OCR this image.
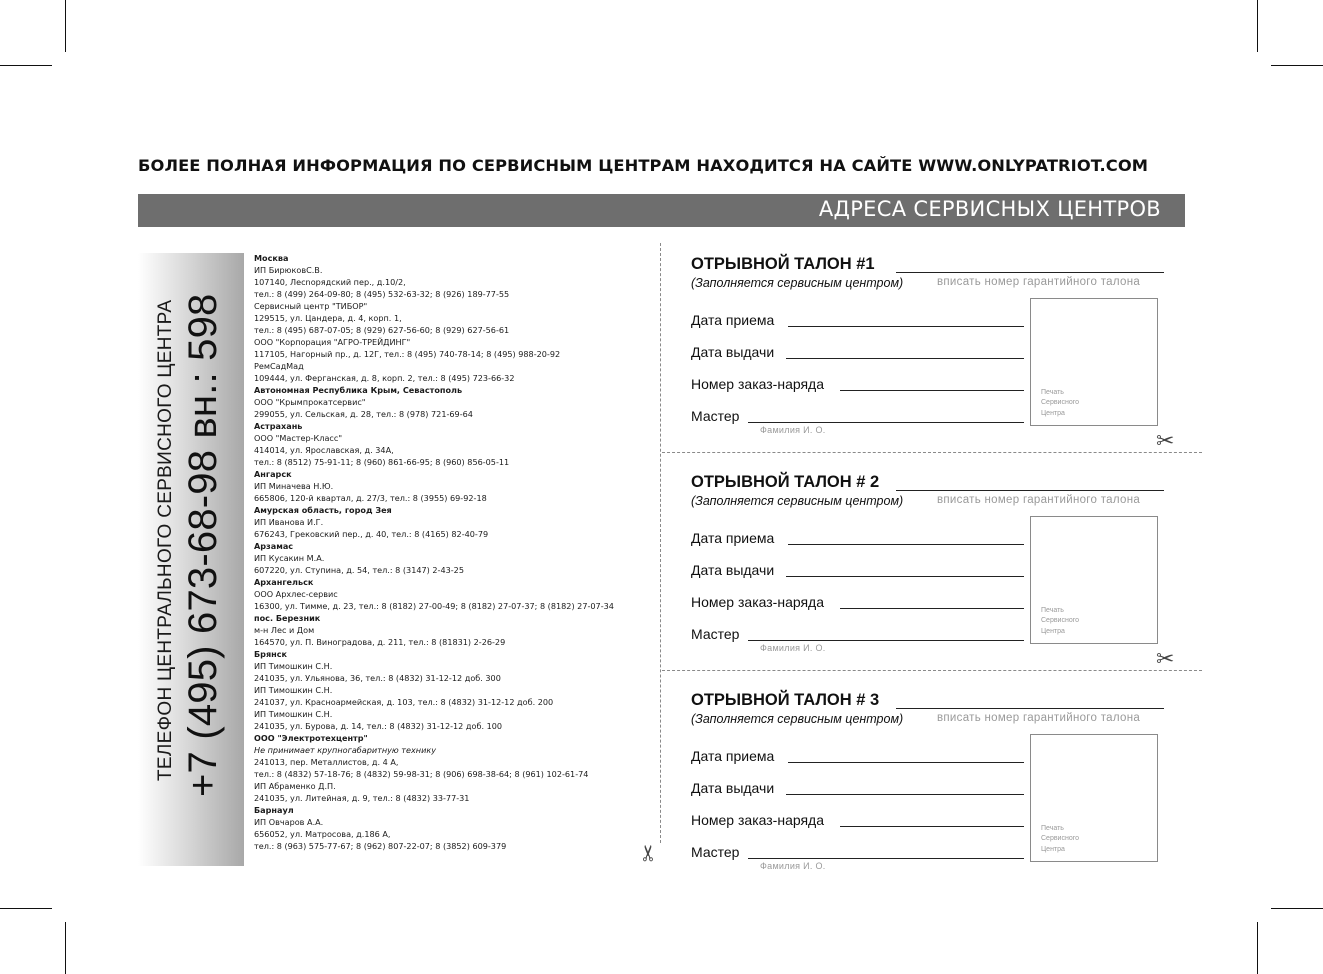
БОЛЕЕ ПОЛНАЯ ИНФОРМАЦИЯ ПО СЕРВИСНЫМ ЦЕНТРАМ НАХОДИТСЯ НА САЙТЕ WWW.ONLYPATRIOT.COM
АДРЕСА СЕРВИСНЫХ ЦЕНТРОВ
ТЕЛЕФОН ЦЕНТРАЛЬНОГО СЕРВИСНОГО ЦЕНТРА +7 (495) 673-68-98 вн.: 598
Москва
ИП БирюковС.В.
107140, Лесnорядский пер., д.10/2,
тел.: 8 (499) 264-09-80; 8 (495) 532-63-32; 8 (926) 189-77-55
Сервисный центр "ТИБОР"
129515, ул. Цандера, д. 4, корп. 1,
тел.: 8 (495) 687-07-05; 8 (929) 627-56-60; 8 (929) 627-56-61
ООО "Корпорация "АГРО-ТРЕЙДИНГ"
117105, Нагорный пр., д. 12Г, тел.: 8 (495) 740-78-14; 8 (495) 988-20-92
РемСадМад
109444, ул. Ферганская, д. 8, корп. 2, тел.: 8 (495) 723-66-32
Автономная Республика Крым, Севастополь
ООО "Крымпрокатсервис"
299055, ул. Сельская, д. 28, тел.: 8 (978) 721-69-64
Астрахань
ООО "Мастер-Класс"
414014, ул. Ярославская, д. 34А,
тел.: 8 (8512) 75-91-11; 8 (960) 861-66-95; 8 (960) 856-05-11
Ангарск
ИП Миначева Н.Ю.
665806, 120-й квартал, д. 27/3, тел.: 8 (3955) 69-92-18
Амурская область, город Зея
ИП Иванова И.Г.
676243, Грековский пер., д. 40, тел.: 8 (4165) 82-40-79
Арзамас
ИП Кусакин М.А.
607220, ул. Ступина, д. 54, тел.: 8 (3147) 2-43-25
Архангельск
ООО Архлес-сервис
16300, ул. Тимме, д. 23, тел.: 8 (8182) 27-00-49; 8 (8182) 27-07-37; 8 (8182) 27-07-34
пос. Березник
м-н Лес и Дом
164570, ул. П. Виноградова, д. 211, тел.: 8 (81831) 2-26-29
Брянск
ИП Тимошкин С.Н.
241035, ул. Ульянова, 36, тел.: 8 (4832) 31-12-12 доб. 300
ИП Тимошкин С.Н.
241037, ул. Красноармейская, д. 103, тел.: 8 (4832) 31-12-12 доб. 200
ИП Тимошкин С.Н.
241035, ул. Бурова, д. 14, тел.: 8 (4832) 31-12-12 доб. 100
ООО "Электротехцентр"
Не принимает крупногабаритную технику
241013, пер. Металлистов, д. 4 А,
тел.: 8 (4832) 57-18-76; 8 (4832) 59-98-31; 8 (906) 698-38-64; 8 (961) 102-61-74
ИП Абраменко Д.П.
241035, ул. Литейная, д. 9, тел.: 8 (4832) 33-77-31
Барнаул
ИП Овчаров А.А.
656052, ул. Матросова, д.186 А,
тел.: 8 (963) 575-77-67; 8 (962) 807-22-07; 8 (3852) 609-379
✂
✂
✂
ОТРЫВНОЙ ТАЛОН #1
(Заполняется сервисным центром)	вписать номер гарантийного талона
Дата приема
Дата выдачи
Номер заказ-наряда
Мастер
Фамилия И. О.
Печать
Сервисного
Центра
ОТРЫВНОЙ ТАЛОН # 2
(Заполняется сервисным центром)	вписать номер гарантийного талона
Дата приема
Дата выдачи
Номер заказ-наряда
Мастер
Фамилия И. О.
Печать
Сервисного
Центра
ОТРЫВНОЙ ТАЛОН # 3
(Заполняется сервисным центром)	вписать номер гарантийного талона
Дата приема
Дата выдачи
Номер заказ-наряда
Мастер
Фамилия И. О.
Печать
Сервисного
Центра
